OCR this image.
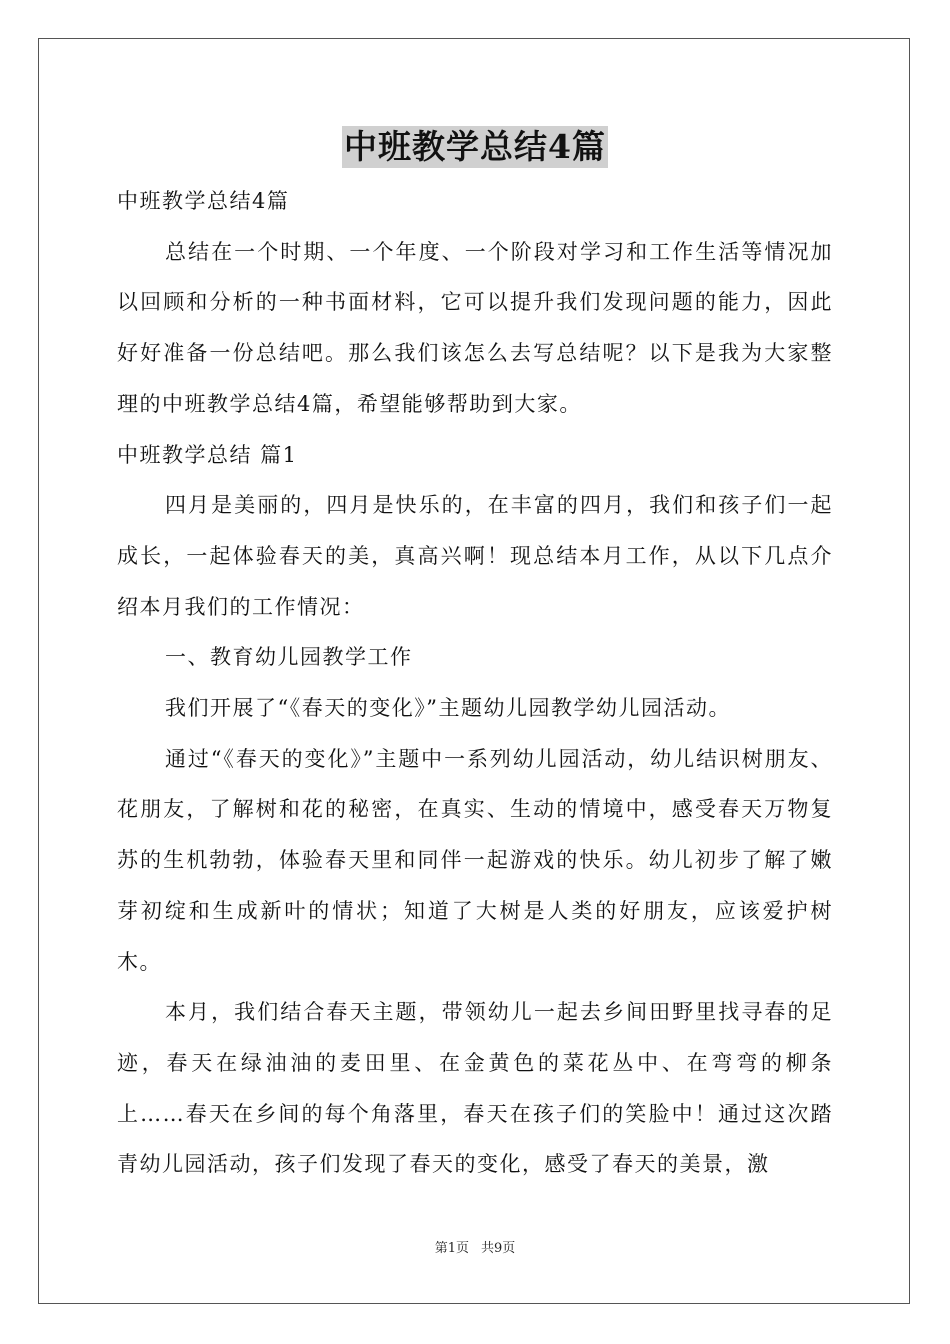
中班教学总结4篇

中班教学总结4篇

总结在一个时期、一个年度、一个阶段对学习和工作生活等情况加以回顾和分析的一种书面材料，它可以提升我们发现问题的能力，因此好好准备一份总结吧。那么我们该怎么去写总结呢？以下是我为大家整理的中班教学总结4篇，希望能够帮助到大家。

中班教学总结 篇1

四月是美丽的，四月是快乐的，在丰富的四月，我们和孩子们一起成长，一起体验春天的美，真高兴啊！现总结本月工作，从以下几点介绍本月我们的工作情况：

一、教育幼儿园教学工作

我们开展了“《春天的变化》”主题幼儿园教学幼儿园活动。

通过“《春天的变化》”主题中一系列幼儿园活动，幼儿结识树朋友、花朋友，了解树和花的秘密，在真实、生动的情境中，感受春天万物复苏的生机勃勃，体验春天里和同伴一起游戏的快乐。幼儿初步了解了嫩芽初绽和生成新叶的情状；知道了大树是人类的好朋友，应该爱护树木。

本月，我们结合春天主题，带领幼儿一起去乡间田野里找寻春的足迹，春天在绿油油的麦田里、在金黄色的菜花丛中、在弯弯的柳条上……春天在乡间的每个角落里，春天在孩子们的笑脸中！通过这次踏青幼儿园活动，孩子们发现了春天的变化，感受了春天的美景，激

第1页 共9页
